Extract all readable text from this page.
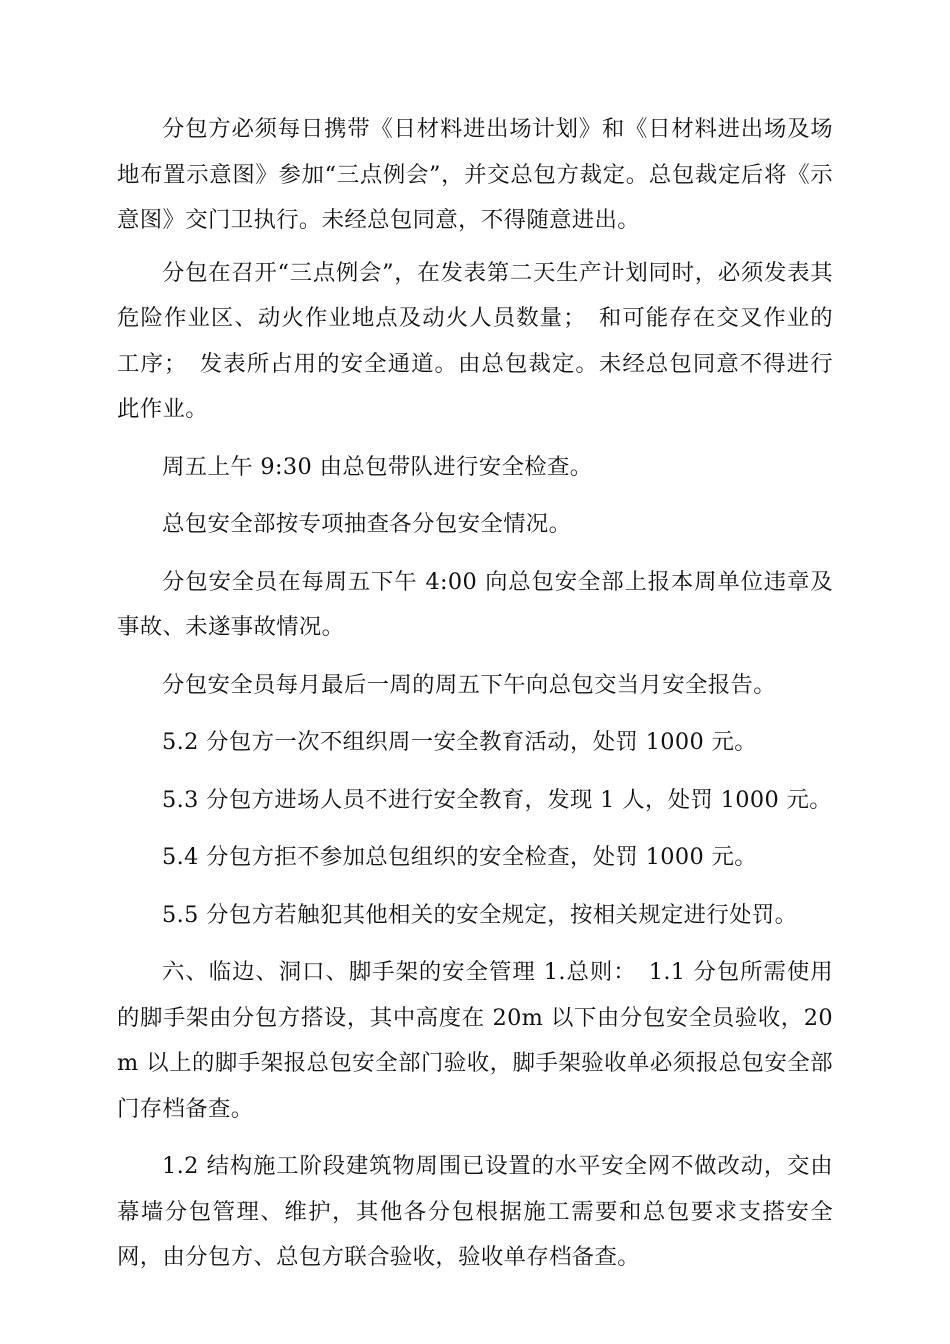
分包方必须每日携带《日材料进出场计划》和《日材料进出场及场地布置示意图》参加“三点例会”，并交总包方裁定。总包裁定后将《示意图》交门卫执行。未经总包同意，不得随意进出。

分包在召开“三点例会”，在发表第二天生产计划同时，必须发表其危险作业区、动火作业地点及动火人员数量；　和可能存在交叉作业的工序；　发表所占用的安全通道。由总包裁定。未经总包同意不得进行此作业。

周五上午 9:30 由总包带队进行安全检查。

总包安全部按专项抽查各分包安全情况。

分包安全员在每周五下午 4:00 向总包安全部上报本周单位违章及事故、未遂事故情况。

分包安全员每月最后一周的周五下午向总包交当月安全报告。

5.2 分包方一次不组织周一安全教育活动，处罚 1000 元。

5.3 分包方进场人员不进行安全教育，发现 1 人，处罚 1000 元。

5.4 分包方拒不参加总包组织的安全检查，处罚 1000 元。

5.5 分包方若触犯其他相关的安全规定，按相关规定进行处罚。

六、临边、洞口、脚手架的安全管理 1.总则：　1.1 分包所需使用的脚手架由分包方搭设，其中高度在 20m 以下由分包安全员验收，20m 以上的脚手架报总包安全部门验收，脚手架验收单必须报总包安全部门存档备查。

1.2 结构施工阶段建筑物周围已设置的水平安全网不做改动，交由幕墙分包管理、维护，其他各分包根据施工需要和总包要求支搭安全网，由分包方、总包方联合验收，验收单存档备查。
